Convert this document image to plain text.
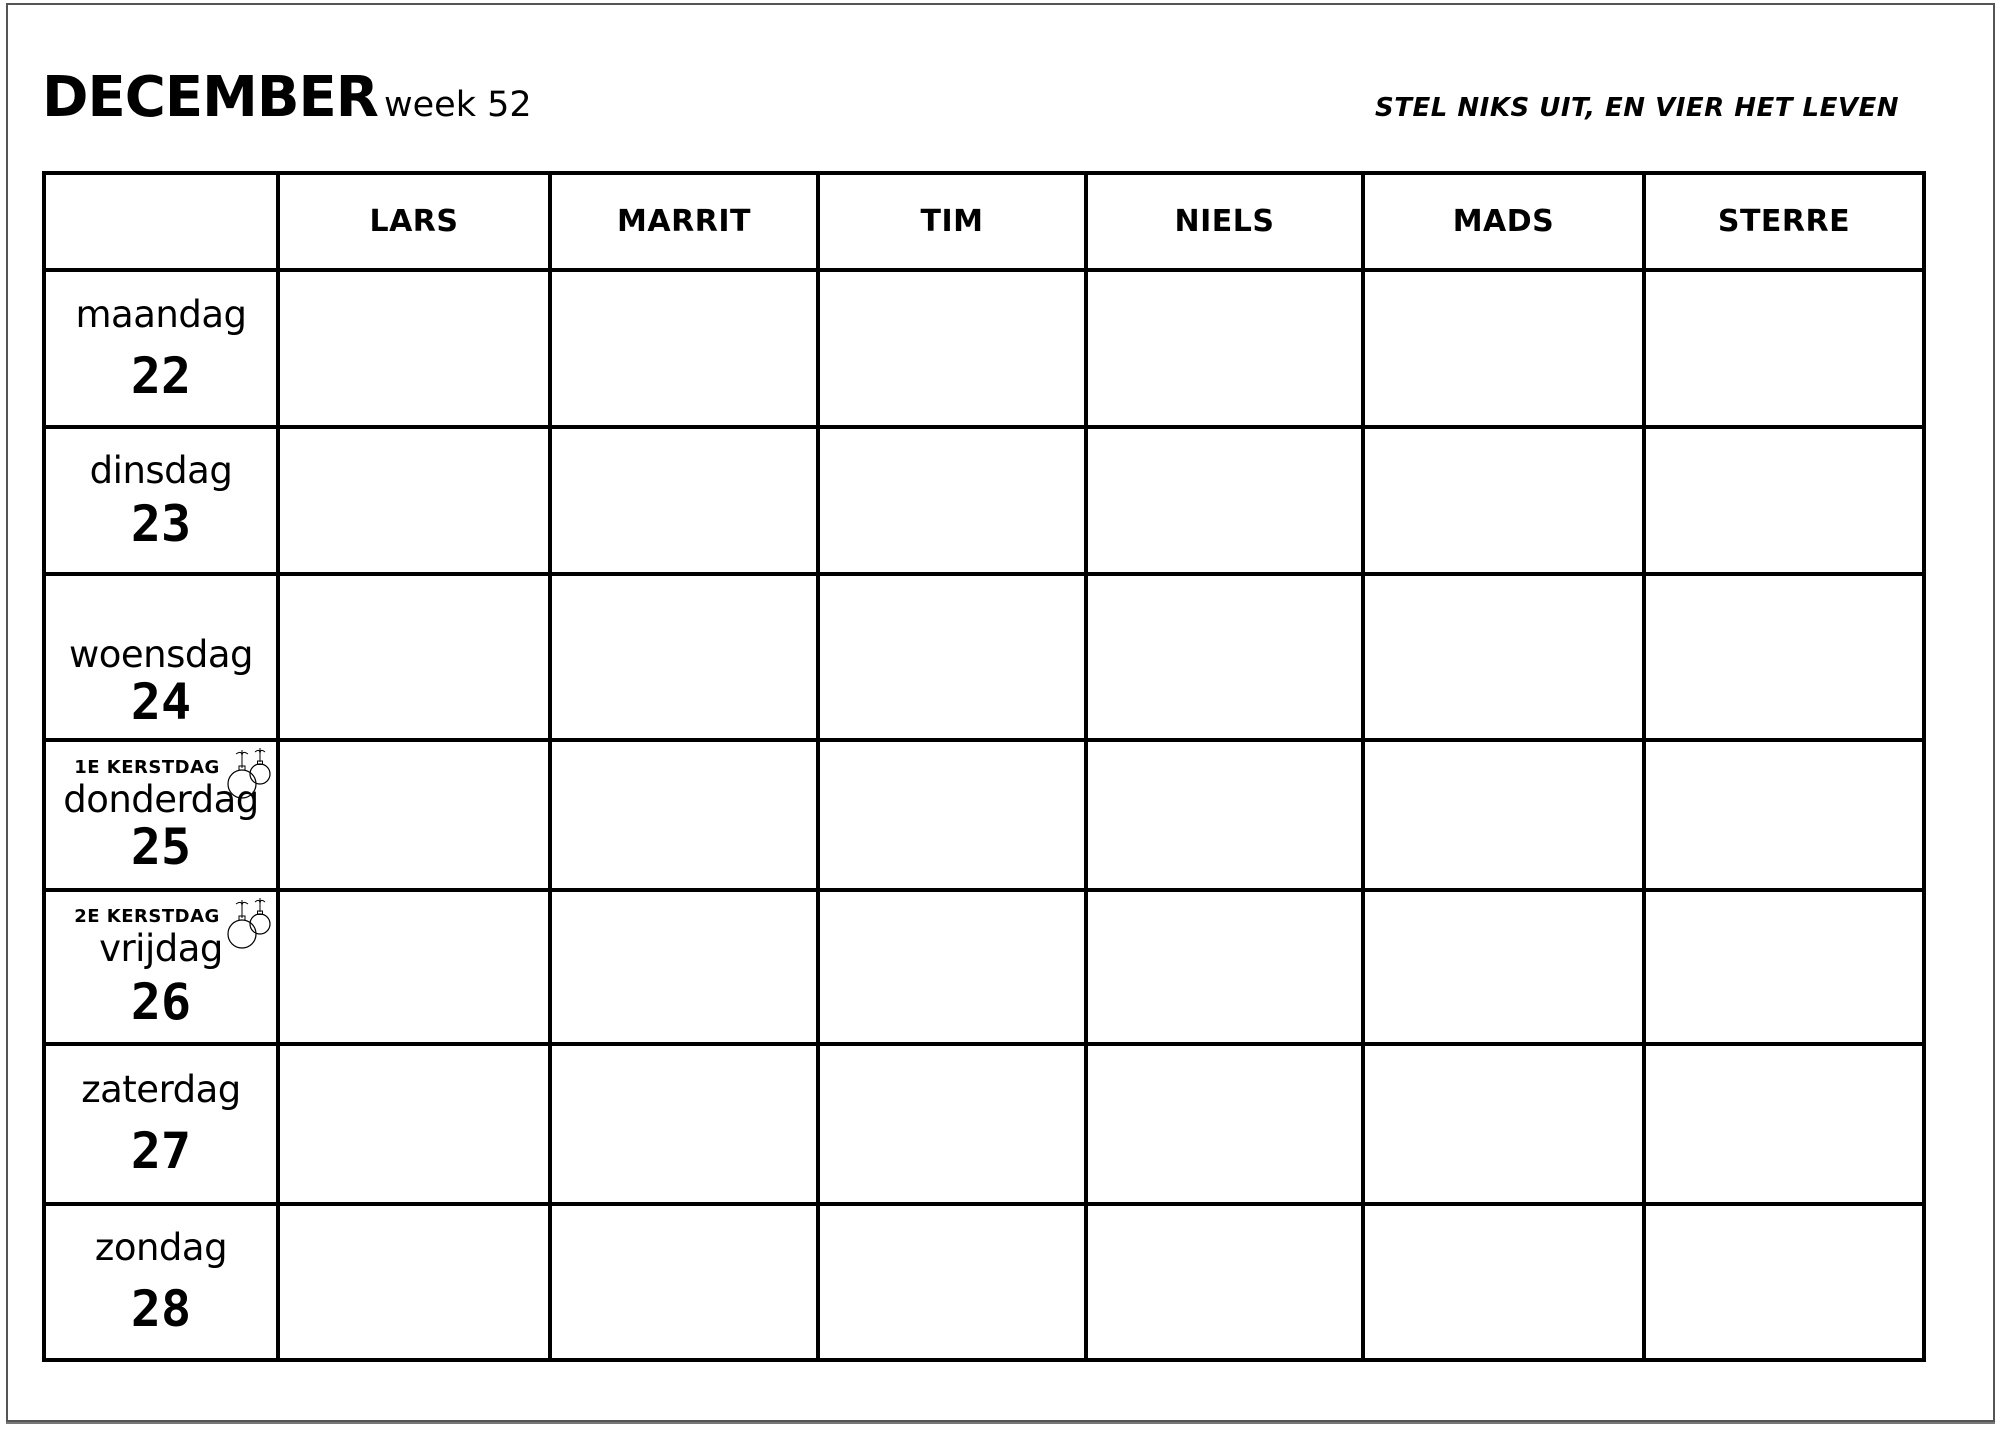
DECEMBER week 52	STEL NIKS UIT, EN VIER HET LEVEN
	LARS	MARRIT	TIM	NIELS	MADS	STERRE

maandag
22						

dinsdag
23						

woensdag
24						

1E KERSTDAG
donderdag
25						

2E KERSTDAG
vrijdag
26						

zaterdag
27						

zondag
28						
